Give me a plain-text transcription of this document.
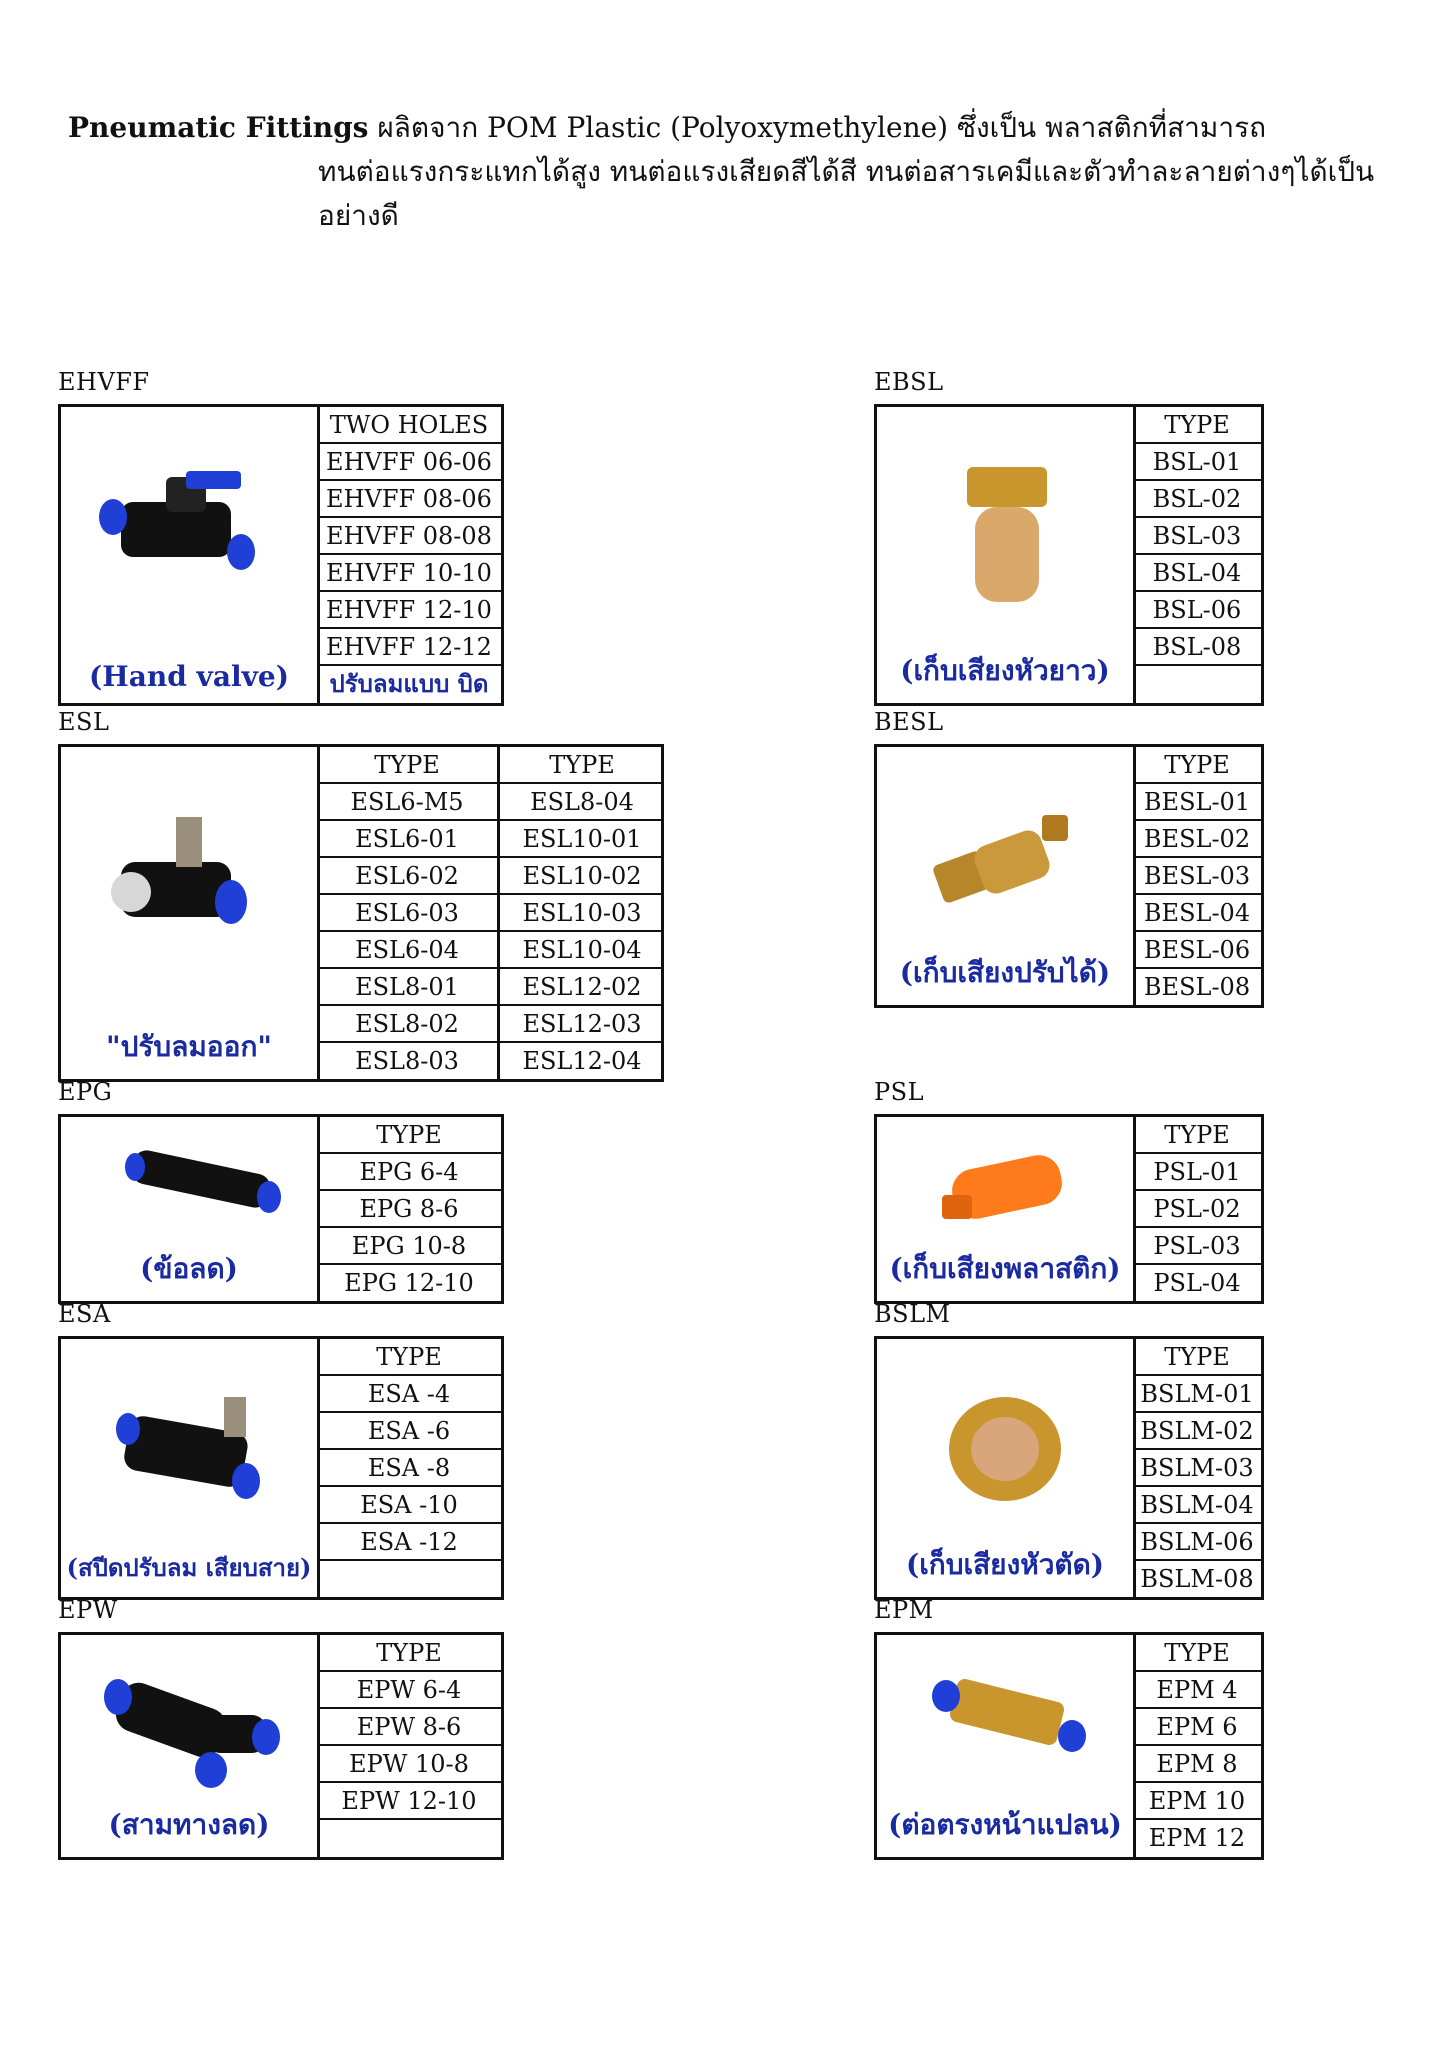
Pneumatic Fittings ผลิตจาก POM Plastic (Polyoxymethylene) ซึ่งเป็น พลาสติกที่สามารถ
ทนต่อแรงกระแทกได้สูง ทนต่อแรงเสียดสีได้สี ทนต่อสารเคมีและตัวทำละลายต่างๆได้เป็นอย่างดี
EHVFF
(Hand valve)
TWO HOLES
EHVFF 06-06
EHVFF 08-06
EHVFF 08-08
EHVFF 10-10
EHVFF 12-10
EHVFF 12-12
ปรับลมแบบ บิด
EBSL
(เก็บเสียงหัวยาว)
TYPE
BSL-01
BSL-02
BSL-03
BSL-04
BSL-06
BSL-08
ESL
"ปรับลมออก"
TYPE
ESL6-M5
ESL6-01
ESL6-02
ESL6-03
ESL6-04
ESL8-01
ESL8-02
ESL8-03
TYPE
ESL8-04
ESL10-01
ESL10-02
ESL10-03
ESL10-04
ESL12-02
ESL12-03
ESL12-04
BESL
(เก็บเสียงปรับได้)
TYPE
BESL-01
BESL-02
BESL-03
BESL-04
BESL-06
BESL-08
EPG
(ข้อลด)
TYPE
EPG 6-4
EPG 8-6
EPG 10-8
EPG 12-10
PSL
(เก็บเสียงพลาสติก)
TYPE
PSL-01
PSL-02
PSL-03
PSL-04
ESA
(สปีดปรับลม เสียบสาย)
TYPE
ESA -4
ESA -6
ESA -8
ESA -10
ESA -12
BSLM
(เก็บเสียงหัวตัด)
TYPE
BSLM-01
BSLM-02
BSLM-03
BSLM-04
BSLM-06
BSLM-08
EPW
(สามทางลด)
TYPE
EPW 6-4
EPW 8-6
EPW 10-8
EPW 12-10
EPM
(ต่อตรงหน้าแปลน)
TYPE
EPM 4
EPM 6
EPM 8
EPM 10
EPM 12
